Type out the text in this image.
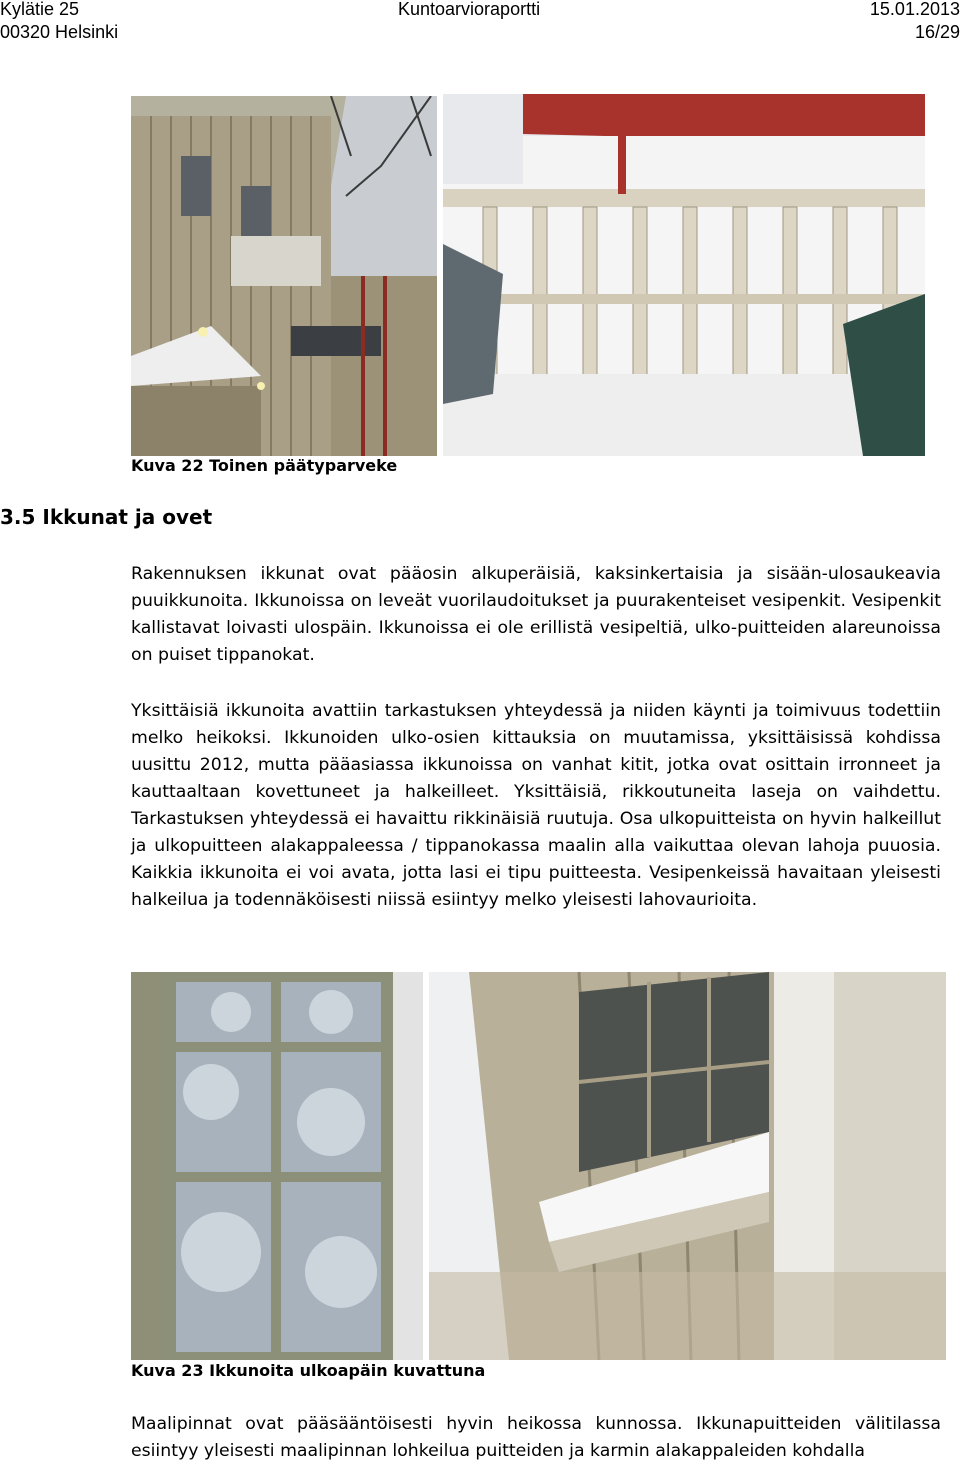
Kylätie 25
00320 Helsinki
Kuntoarvioraportti	15.01.2013
16/29
Kuva 22 Toinen päätyparveke
3.5 Ikkunat ja ovet

Rakennuksen ikkunat ovat pääosin alkuperäisiä, kaksinkertaisia ja sisään-ulosaukeavia puuikkunoita. Ikkunoissa on leveät vuorilaudoitukset ja puurakenteiset vesipenkit. Vesipenkit kallistavat loivasti ulospäin. Ikkunoissa ei ole erillistä vesipeltiä, ulko-puitteiden alareunoissa on puiset tippanokat.

Yksittäisiä ikkunoita avattiin tarkastuksen yhteydessä ja niiden käynti ja toimivuus todettiin melko heikoksi. Ikkunoiden ulko-osien kittauksia on muutamissa, yksittäisissä kohdissa uusittu 2012, mutta pääasiassa ikkunoissa on vanhat kitit, jotka ovat osittain irronneet ja kauttaaltaan kovettuneet ja halkeilleet. Yksittäisiä, rikkoutuneita laseja on vaihdettu. Tarkastuksen yhteydessä ei havaittu rikkinäisiä ruutuja. Osa ulkopuitteista on hyvin halkeillut ja ulkopuitteen alakappaleessa / tippanokassa maalin alla vaikuttaa olevan lahoja puuosia. Kaikkia ikkunoita ei voi avata, jotta lasi ei tipu puitteesta. Vesipenkeissä havaitaan yleisesti halkeilua ja todennäköisesti niissä esiintyy melko yleisesti lahovaurioita.

Kuva 23 Ikkunoita ulkoapäin kuvattuna

Maalipinnat ovat pääsääntöisesti hyvin heikossa kunnossa. Ikkunapuitteiden välitilassa esiintyy yleisesti maalipinnan lohkeilua puitteiden ja karmin alakappaleiden kohdalla
